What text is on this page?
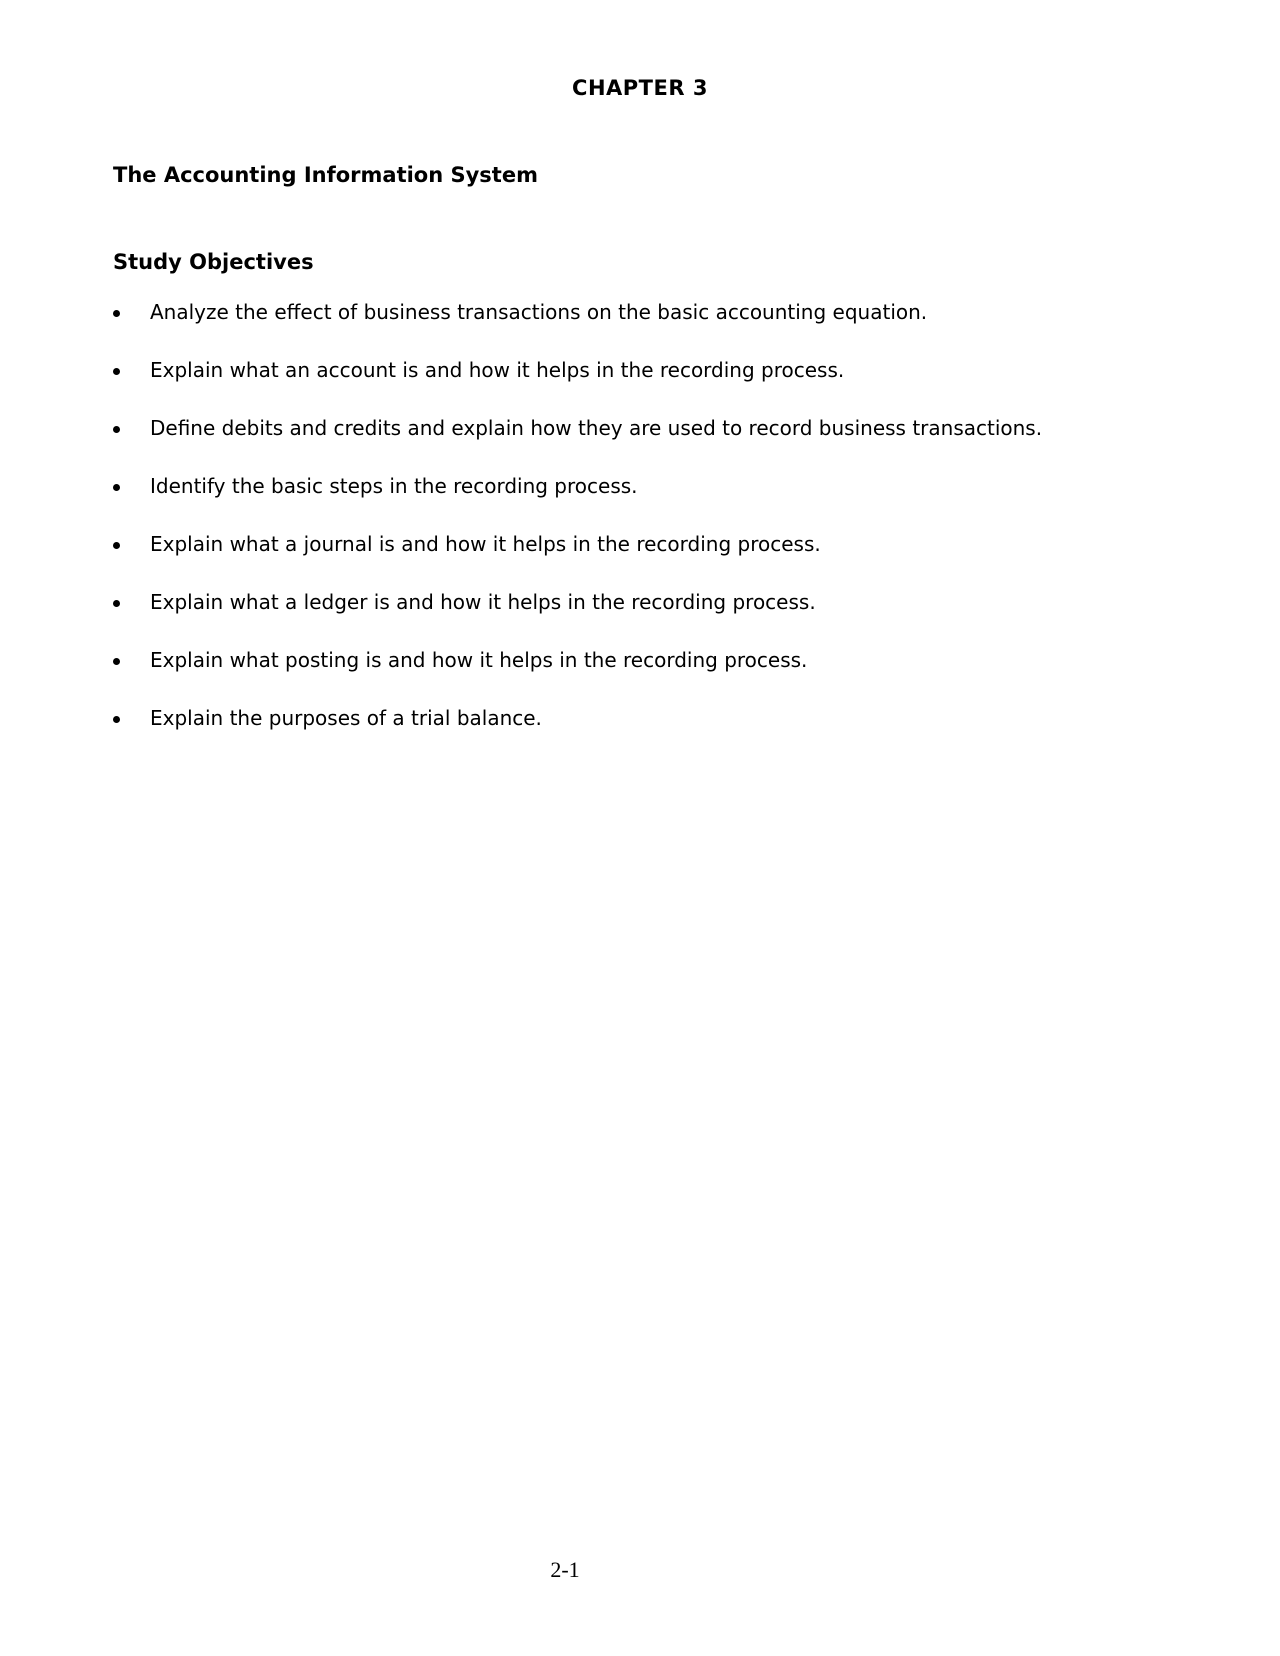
CHAPTER 3
The Accounting Information System
Study Objectives
Analyze the effect of business transactions on the basic accounting equation.
Explain what an account is and how it helps in the recording process.
Define debits and credits and explain how they are used to record business transactions.
Identify the basic steps in the recording process.
Explain what a journal is and how it helps in the recording process.
Explain what a ledger is and how it helps in the recording process.
Explain what posting is and how it helps in the recording process.
Explain the purposes of a trial balance.
2-1
